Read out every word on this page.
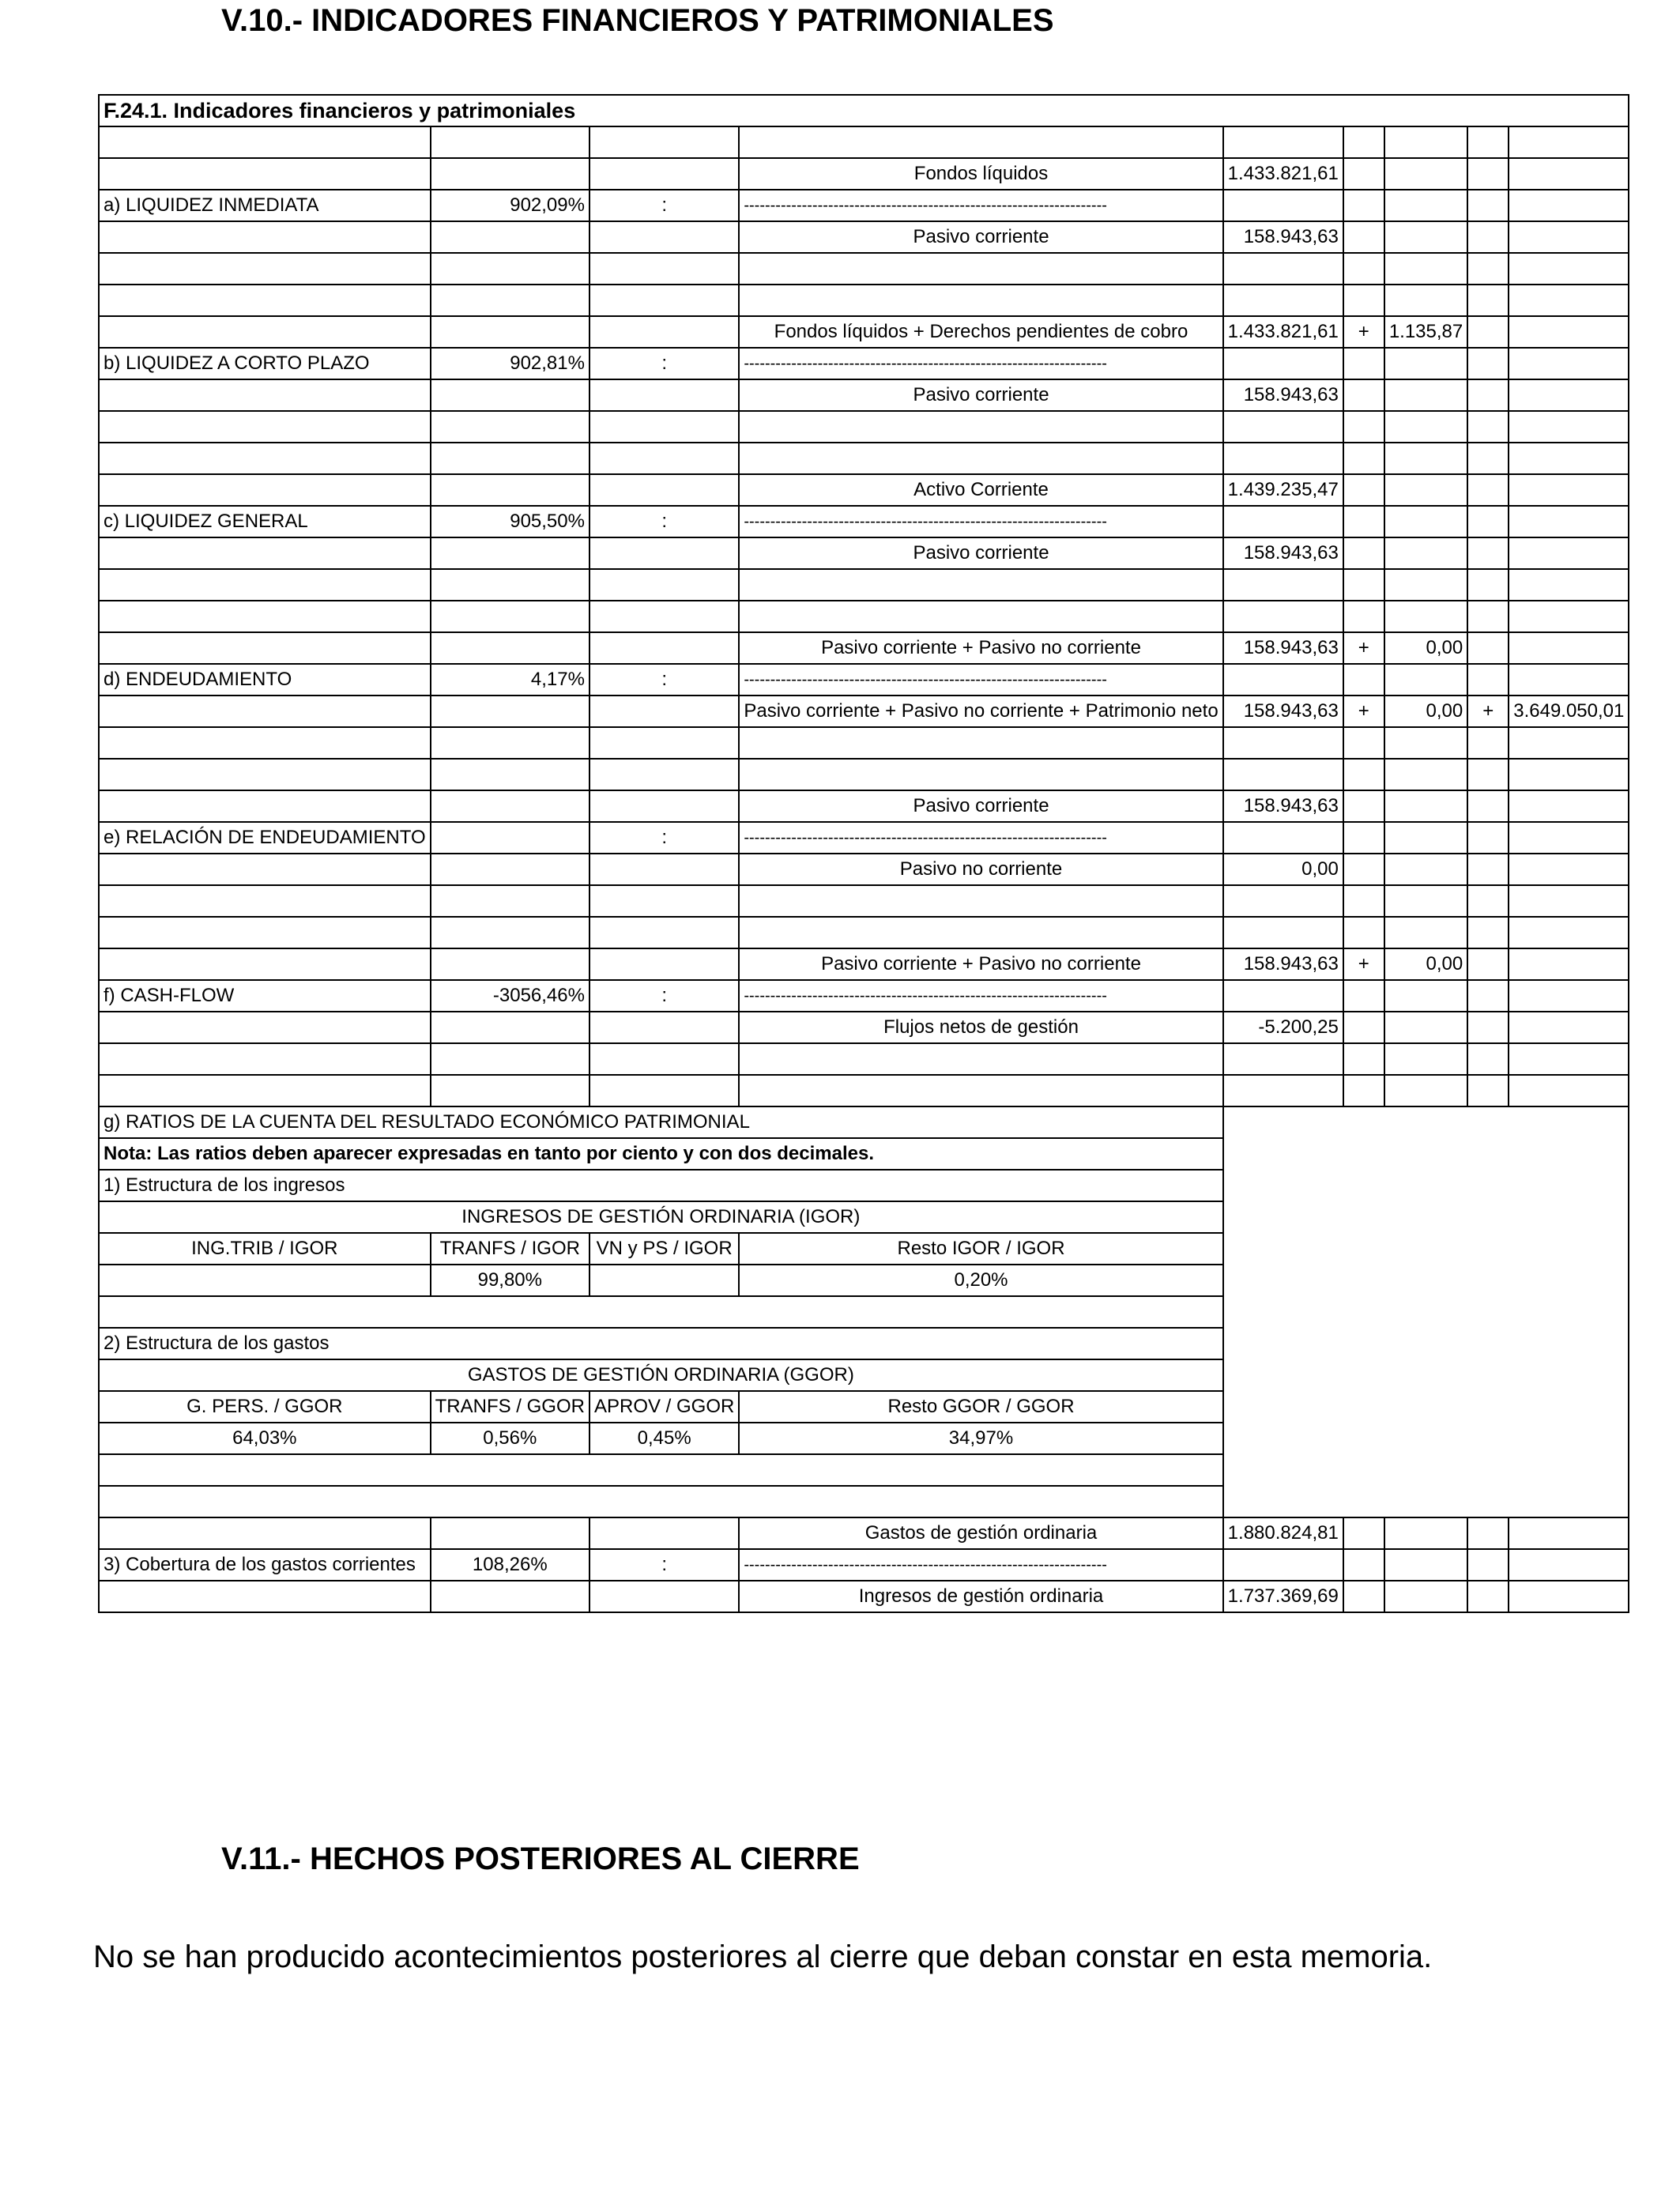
V.10.- INDICADORES FINANCIEROS Y PATRIMONIALES
F.24.1. Indicadores financieros y patrimoniales								

			Fondos líquidos	1.433.821,61				
a) LIQUIDEZ INMEDIATA	902,09%	:	---------------------------------------------------------------------					
			Pasivo corriente	158.943,63				

			Fondos líquidos + Derechos pendientes de cobro	1.433.821,61	+	1.135,87		
b) LIQUIDEZ A CORTO PLAZO	902,81%	:	---------------------------------------------------------------------					
			Pasivo corriente	158.943,63				

			Activo Corriente	1.439.235,47				
c) LIQUIDEZ GENERAL	905,50%	:	---------------------------------------------------------------------					
			Pasivo corriente	158.943,63				

			Pasivo corriente + Pasivo no corriente	158.943,63	+	0,00		
d) ENDEUDAMIENTO	4,17%	:	---------------------------------------------------------------------					
			Pasivo corriente + Pasivo no corriente + Patrimonio neto	158.943,63	+	0,00	+	3.649.050,01

			Pasivo corriente	158.943,63				
e) RELACIÓN DE ENDEUDAMIENTO		:	---------------------------------------------------------------------					
			Pasivo no corriente	0,00				

			Pasivo corriente + Pasivo no corriente	158.943,63	+	0,00		
f) CASH-FLOW	-3056,46%	:	---------------------------------------------------------------------					
			Flujos netos de gestión	-5.200,25				

g) RATIOS DE LA CUENTA DEL RESULTADO ECONÓMICO PATRIMONIAL								
Nota: Las ratios deben aparecer expresadas en tanto por ciento y con dos decimales.								
1) Estructura de los ingresos								
INGRESOS DE GESTIÓN ORDINARIA (IGOR)								
ING.TRIB / IGOR	TRANFS / IGOR	VN y PS / IGOR	Resto IGOR / IGOR					
	99,80%		0,20%					

2) Estructura de los gastos								
GASTOS DE GESTIÓN ORDINARIA (GGOR)								
G. PERS. / GGOR	TRANFS / GGOR	APROV / GGOR	Resto GGOR / GGOR					
64,03%	0,56%	0,45%	34,97%					

			Gastos de gestión ordinaria	1.880.824,81				
3) Cobertura de los gastos corrientes	108,26%	:	---------------------------------------------------------------------					
			Ingresos de gestión ordinaria	1.737.369,69				
V.11.- HECHOS POSTERIORES AL CIERRE
No se han producido acontecimientos posteriores al cierre que deban constar en esta memoria.
